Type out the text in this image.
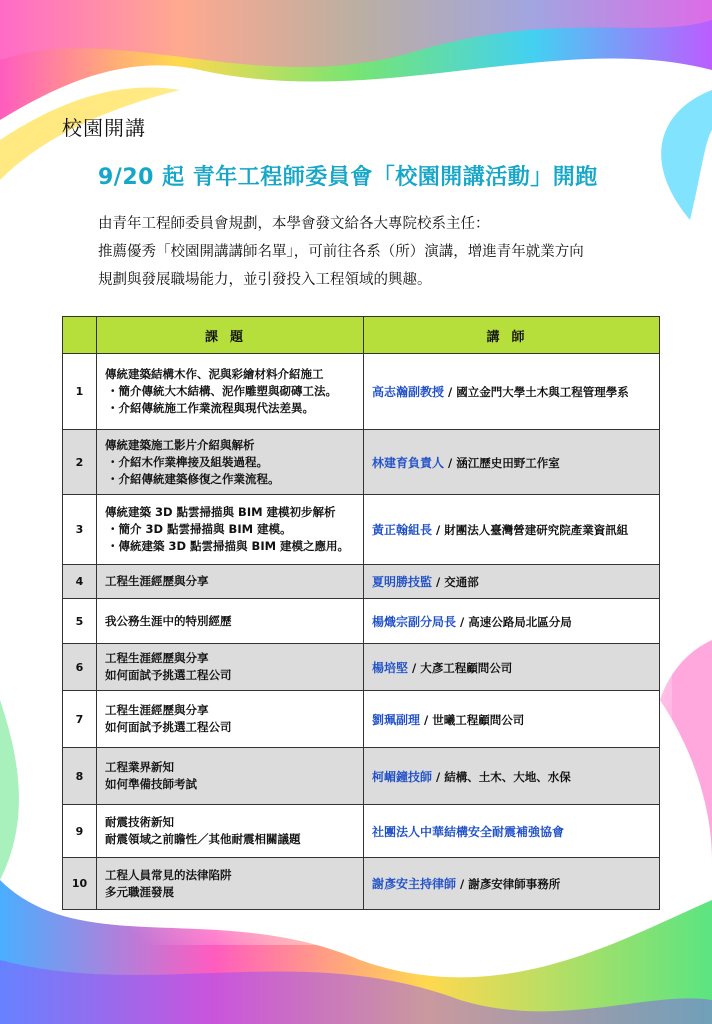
校園開講
9/20 起 青年工程師委員會「校園開講活動」開跑
由青年工程師委員會規劃，本學會發文給各大專院校系主任：
推薦優秀「校園開講講師名單」，可前往各系（所）演講，增進青年就業方向
規劃與發展職場能力，並引發投入工程領域的興趣。
	課題	講師
1	傳統建築結構木作、泥與彩繪材料介紹施工
・簡介傳統大木結構、泥作雕塑與砌磚工法。
・介紹傳統施工作業流程與現代法差異。	高志瀚副教授 / 國立金門大學土木與工程管理學系
2	傳統建築施工影片介紹與解析
・介紹木作業榫接及組裝過程。
・介紹傳統建築修復之作業流程。	林建育負責人 / 涵江歷史田野工作室
3	傳統建築 3D 點雲掃描與 BIM 建模初步解析
・簡介 3D 點雲掃描與 BIM 建模。
・傳統建築 3D 點雲掃描與 BIM 建模之應用。	黃正翰組長 / 財團法人臺灣營建研究院產業資訊組
4	工程生涯經歷與分享	夏明勝技監 / 交通部
5	我公務生涯中的特別經歷	楊熾宗副分局長 / 高速公路局北區分局
6	工程生涯經歷與分享
如何面試予挑選工程公司	楊培堅 / 大彥工程顧問公司
7	工程生涯經歷與分享
如何面試予挑選工程公司	劉珮副理 / 世曦工程顧問公司
8	工程業界新知
如何準備技師考試	柯嵋鐘技師 / 結構、土木、大地、水保
9	耐震技術新知
耐震領域之前瞻性／其他耐震相關議題	社團法人中華結構安全耐震補強協會
10	工程人員常見的法律陷阱
多元職涯發展	謝彥安主持律師 / 謝彥安律師事務所
